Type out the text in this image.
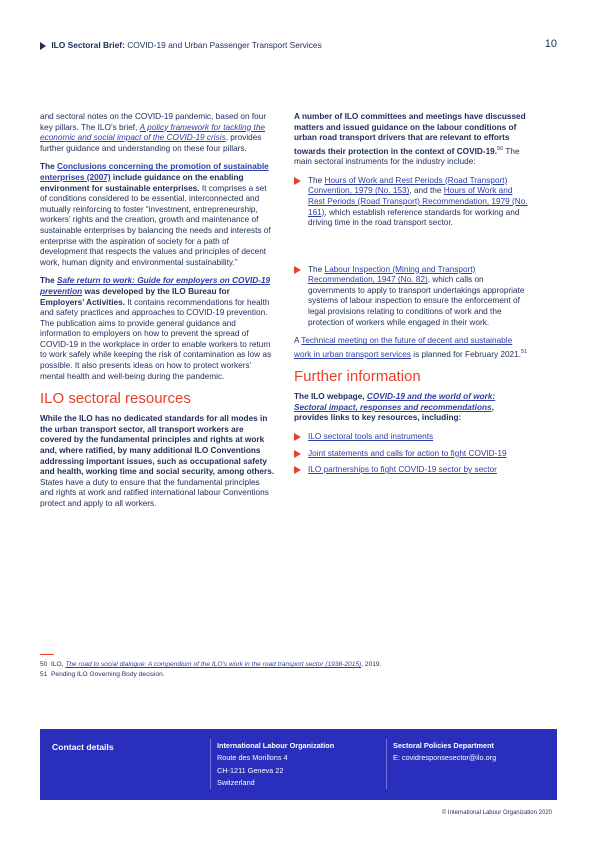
ILO Sectoral Brief: COVID-19 and Urban Passenger Transport Services	10

and sectoral notes on the COVID-19 pandemic, based on four key pillars. The ILO’s brief, A policy framework for tackling the economic and social impact of the COVID-19 crisis, provides further guidance and understanding on these four pillars.

The Conclusions concerning the promotion of sustainable enterprises (2007) include guidance on the enabling environment for sustainable enterprises. It comprises a set of conditions considered to be essential, interconnected and mutually reinforcing to foster “investment, entrepreneurship, workers’ rights and the creation, growth and maintenance of sustainable enterprises by balancing the needs and interests of enterprise with the aspiration of society for a path of development that respects the values and principles of decent work, human dignity and environmental sustainability.”

The Safe return to work: Guide for employers on COVID-19 prevention was developed by the ILO Bureau for Employers’ Activities. It contains recommendations for health and safety practices and approaches to COVID-19 prevention. The publication aims to provide general guidance and information to employers on how to prevent the spread of COVID-19 in the workplace in order to enable workers to return to work safely while keeping the risk of contamination as low as possible. It also presents ideas on how to protect workers’ mental health and well-being during the pandemic.

ILO sectoral resources

While the ILO has no dedicated standards for all modes in the urban transport sector, all transport workers are covered by the fundamental principles and rights at work and, where ratified, by many additional ILO Conventions addressing important issues, such as occupational safety and health, working time and social security, among others. States have a duty to ensure that the fundamental principles and rights at work and ratified international labour Conventions protect and apply to all workers.

A number of ILO committees and meetings have discussed matters and issued guidance on the labour conditions of urban road transport drivers that are relevant to efforts towards their protection in the context of COVID-19.50 The main sectoral instruments for the industry include:

The Hours of Work and Rest Periods (Road Transport) Convention, 1979 (No. 153), and the Hours of Work and Rest Periods (Road Transport) Recommendation, 1979 (No. 161), which establish reference standards for working and driving time in the road transport sector.
The Labour Inspection (Mining and Transport) Recommendation, 1947 (No. 82), which calls on governments to apply to transport undertakings appropriate systems of labour inspection to ensure the enforcement of legal provisions relating to conditions of work and the protection of workers while engaged in their work.

A Technical meeting on the future of decent and sustainable work in urban transport services is planned for February 2021.51

Further information

The ILO webpage, COVID-19 and the world of work: Sectoral impact, responses and recommendations, provides links to key resources, including:

ILO sectoral tools and instruments
Joint statements and calls for action to fight COVID-19
ILO partnerships to fight COVID-19 sector by sector
50 ILO, The road to social dialogue: A compendium of the ILO’s work in the road transport sector (1938-2015), 2019.
51 Pending ILO Governing Body decision.
Contact details	International Labour Organization
Route des Morillons 4
CH-1211 Geneva 22
Switzerland
Sectoral Policies Department
E: covidresponsesector@ilo.org
© International Labour Organization 2020
